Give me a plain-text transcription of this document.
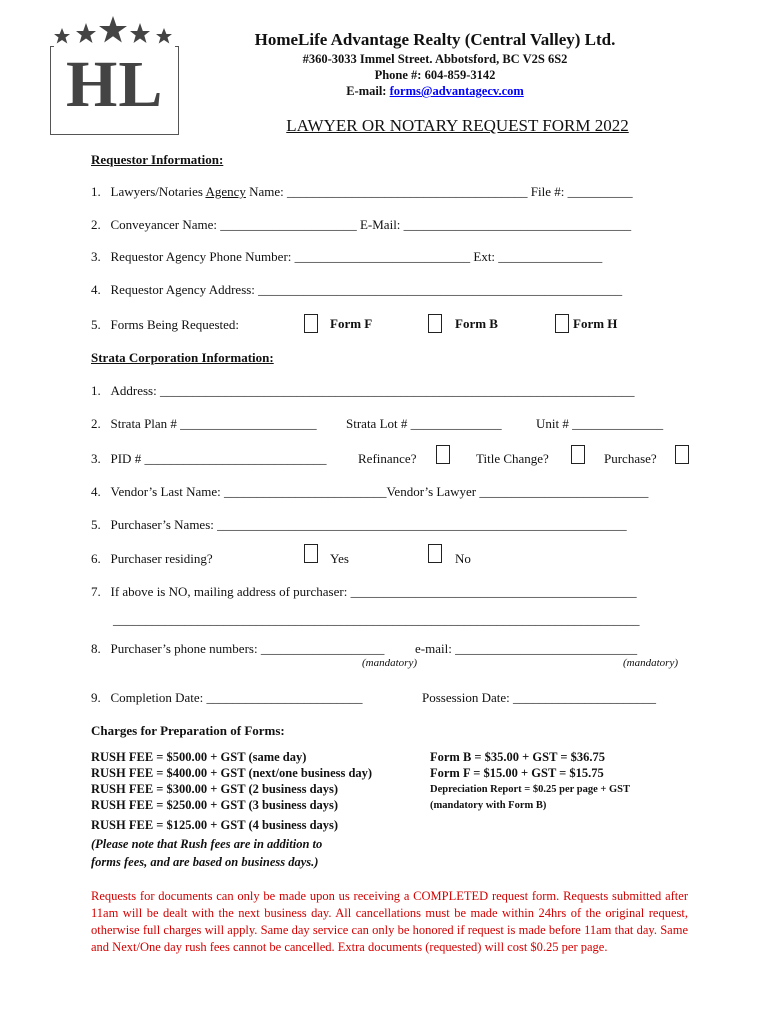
HL
HomeLife Advantage Realty (Central Valley) Ltd.
#360-3033 Immel Street. Abbotsford, BC V2S 6S2
Phone #: 604-859-3142
E-mail: forms@advantagecv.com
LAWYER OR NOTARY REQUEST FORM 2022
Requestor Information:
1. Lawyers/Notaries Agency Name: _____________________________________ File #: __________
2. Conveyancer Name: _____________________ E-Mail: ___________________________________
3. Requestor Agency Phone Number: ___________________________ Ext: ________________
4. Requestor Agency Address: ________________________________________________________
5. Forms Being Requested:	Form F	Form B	Form H
Strata Corporation Information:
1. Address: _________________________________________________________________________
2. Strata Plan # _____________________ Strata Lot # ______________	Unit # ______________
3. PID # ____________________________ Refinance?	Title Change?	Purchase?
4. Vendor’s Last Name: _________________________Vendor’s Lawyer __________________________
5. Purchaser’s Names: _______________________________________________________________
6. Purchaser residing?	Yes	No
7. If above is NO, mailing address of purchaser: ____________________________________________
_________________________________________________________________________________
8. Purchaser’s phone numbers: ___________________ e-mail: ____________________________
(mandatory)	(mandatory)
9. Completion Date: ________________________	Possession Date: ______________________
Charges for Preparation of Forms:
RUSH FEE = $500.00 + GST (same day)
RUSH FEE = $400.00 + GST (next/one business day)
RUSH FEE = $300.00 + GST (2 business days)
RUSH FEE = $250.00 + GST (3 business days)
RUSH FEE = $125.00 + GST (4 business days)
(Please note that Rush fees are in addition to
forms fees, and are based on business days.)
Form B = $35.00 + GST = $36.75
Form F = $15.00 + GST = $15.75
Depreciation Report = $0.25 per page + GST
(mandatory with Form B)
Requests for documents can only be made upon us receiving a COMPLETED request form. Requests submitted after 11am will be dealt with the next business day. All cancellations must be made within 24hrs of the original request, otherwise full charges will apply. Same day service can only be honored if request is made before 11am that day. Same and Next/One day rush fees cannot be cancelled. Extra documents (requested) will cost $0.25 per page.
